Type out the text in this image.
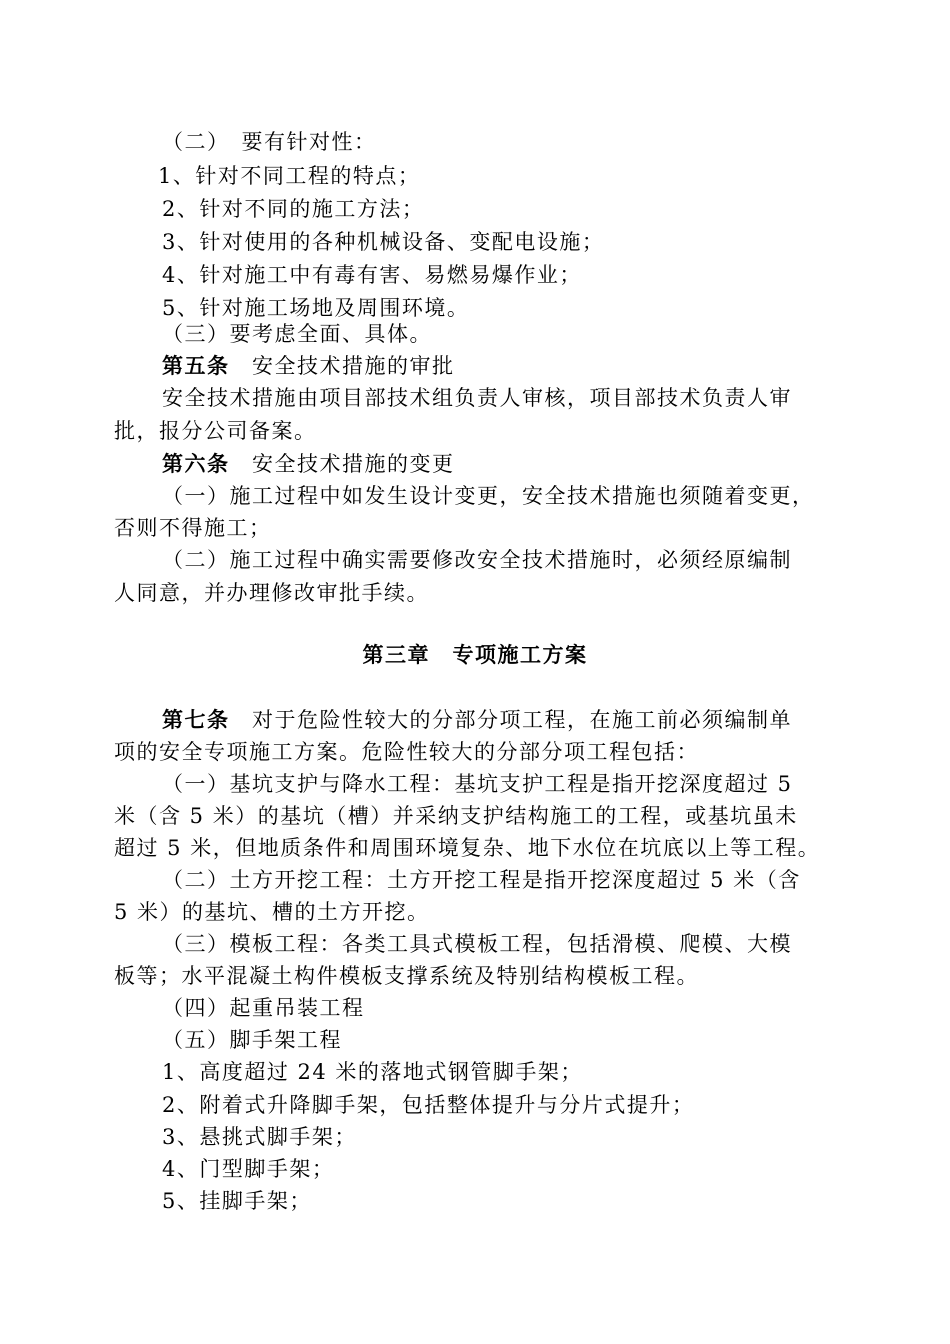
（二）　要有针对性：
1、针对不同工程的特点；
2、针对不同的施工方法；
3、针对使用的各种机械设备、变配电设施；
4、针对施工中有毒有害、易燃易爆作业；
5、针对施工场地及周围环境。
（三）要考虑全面、具体。
第五条　 安全技术措施的审批
安全技术措施由项目部技术组负责人审核，项目部技术负责人审
批，报分公司备案。
第六条　 安全技术措施的变更
（一）施工过程中如发生设计变更，安全技术措施也须随着变更，
否则不得施工；
（二）施工过程中确实需要修改安全技术措施时，必须经原编制
人同意，并办理修改审批手续。
第三章　专项施工方案
第七条　 对于危险性较大的分部分项工程，在施工前必须编制单
项的安全专项施工方案。危险性较大的分部分项工程包括：
（一）基坑支护与降水工程：基坑支护工程是指开挖深度超过 5
米（含 5 米）的基坑（槽）并采纳支护结构施工的工程，或基坑虽未
超过 5 米，但地质条件和周围环境复杂、地下水位在坑底以上等工程。
（二）土方开挖工程：土方开挖工程是指开挖深度超过 5 米（含
5 米）的基坑、槽的土方开挖。
（三）模板工程：各类工具式模板工程，包括滑模、爬模、大模
板等；水平混凝土构件模板支撑系统及特别结构模板工程。
（四）起重吊装工程
（五）脚手架工程
1、高度超过 24 米的落地式钢管脚手架；
2、附着式升降脚手架，包括整体提升与分片式提升；
3、悬挑式脚手架；
4、门型脚手架；
5、挂脚手架；
